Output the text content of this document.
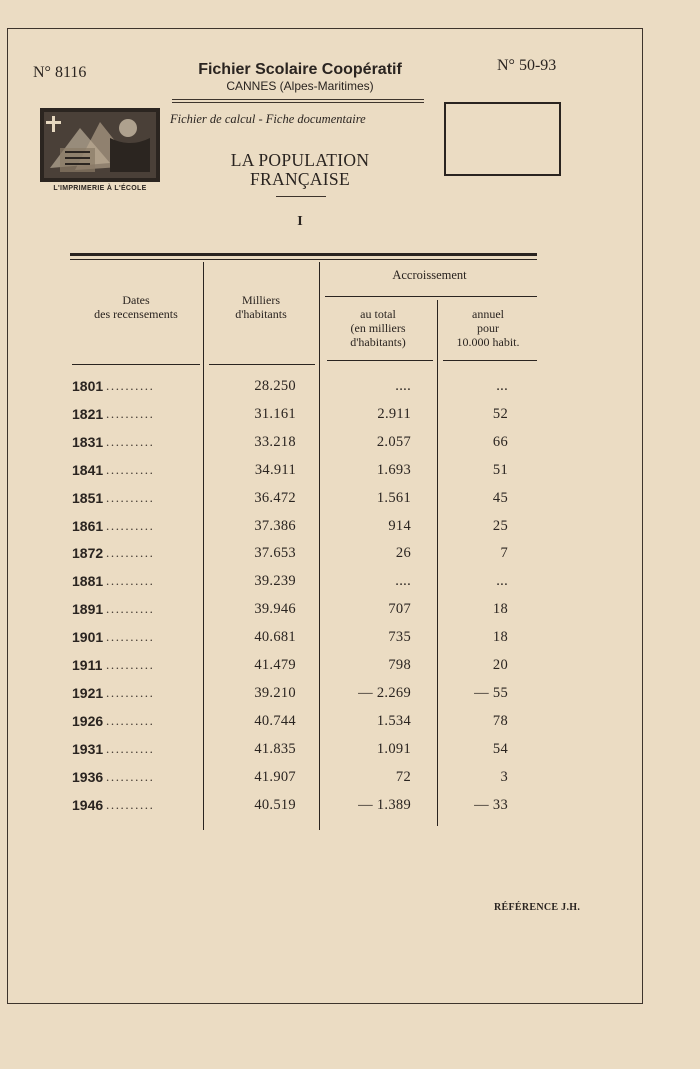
N° 8116	N° 50-93
Fichier Scolaire Coopératif
CANNES (Alpes-Maritimes)
Fichier de calcul - Fiche documentaire
L'IMPRIMERIE À L'ÉCOLE
LA POPULATION
FRANÇAISE
I
Dates
des recensements
Milliers
d'habitants
Accroissement
au total
(en milliers
d'habitants)
annuel
pour
10.000 habit.
1801 ..........	28.250	....	...
1821 ..........	31.161	2.911	52
1831 ..........	33.218	2.057	66
1841 ..........	34.911	1.693	51
1851 ..........	36.472	1.561	45
1861 ..........	37.386	914	25
1872 ..........	37.653	26	7
1881 ..........	39.239	....	...
1891 ..........	39.946	707	18
1901 ..........	40.681	735	18
1911 ..........	41.479	798	20
1921 ..........	39.210	— 2.269	— 55
1926 ..........	40.744	1.534	78
1931 ..........	41.835	1.091	54
1936 ..........	41.907	72	3
1946 ..........	40.519	— 1.389	— 33
RÉFÉRENCE J.H.
